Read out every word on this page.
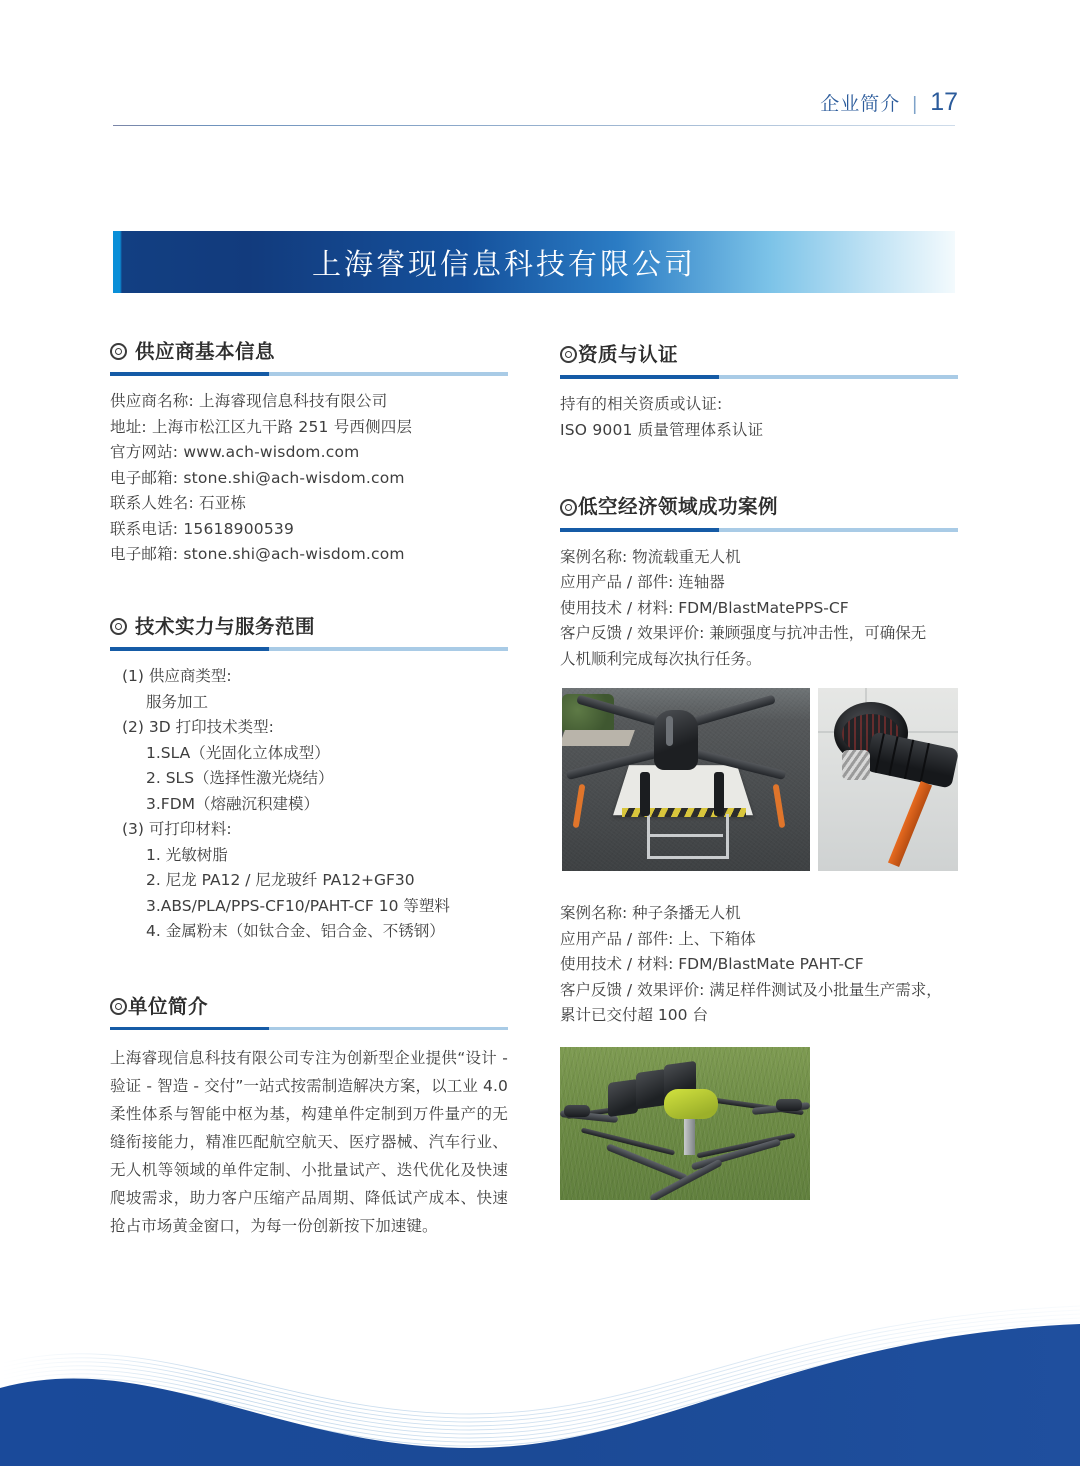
企业简介 | 17
上海睿现信息科技有限公司
供应商基本信息
供应商名称: 上海睿现信息科技有限公司
地址: 上海市松江区九干路 251 号西侧四层
官方网站: www.ach-wisdom.com
电子邮箱: stone.shi@ach-wisdom.com
联系人姓名: 石亚栋
联系电话: 15618900539
电子邮箱: stone.shi@ach-wisdom.com
技术实力与服务范围
(1) 供应商类型:
服务加工
(2) 3D 打印技术类型:
1.SLA（光固化立体成型）
2. SLS（选择性激光烧结）
3.FDM（熔融沉积建模）
(3) 可打印材料:
1. 光敏树脂
2. 尼龙 PA12 / 尼龙玻纤 PA12+GF30
3.ABS/PLA/PPS-CF10/PAHT-CF 10 等塑料
4. 金属粉末（如钛合金、铝合金、不锈钢）
单位简介
上海睿现信息科技有限公司专注为创新型企业提供“设计 - 验证 - 智造 - 交付”一站式按需制造解决方案，以工业 4.0 柔性体系与智能中枢为基，构建单件定制到万件量产的无缝衔接能力，精准匹配航空航天、医疗器械、汽车行业、无人机等领域的单件定制、小批量试产、迭代优化及快速爬坡需求，助力客户压缩产品周期、降低试产成本、快速抢占市场黄金窗口，为每一份创新按下加速键。
资质与认证
持有的相关资质或认证:
ISO 9001 质量管理体系认证
低空经济领域成功案例
案例名称: 物流载重无人机
应用产品 / 部件: 连轴器
使用技术 / 材料: FDM/BlastMatePPS-CF
客户反馈 / 效果评价: 兼顾强度与抗冲击性，可确保无
人机顺利完成每次执行任务。
案例名称: 种子条播无人机
应用产品 / 部件: 上、下箱体
使用技术 / 材料: FDM/BlastMate PAHT-CF
客户反馈 / 效果评价: 满足样件测试及小批量生产需求，
累计已交付超 100 台
